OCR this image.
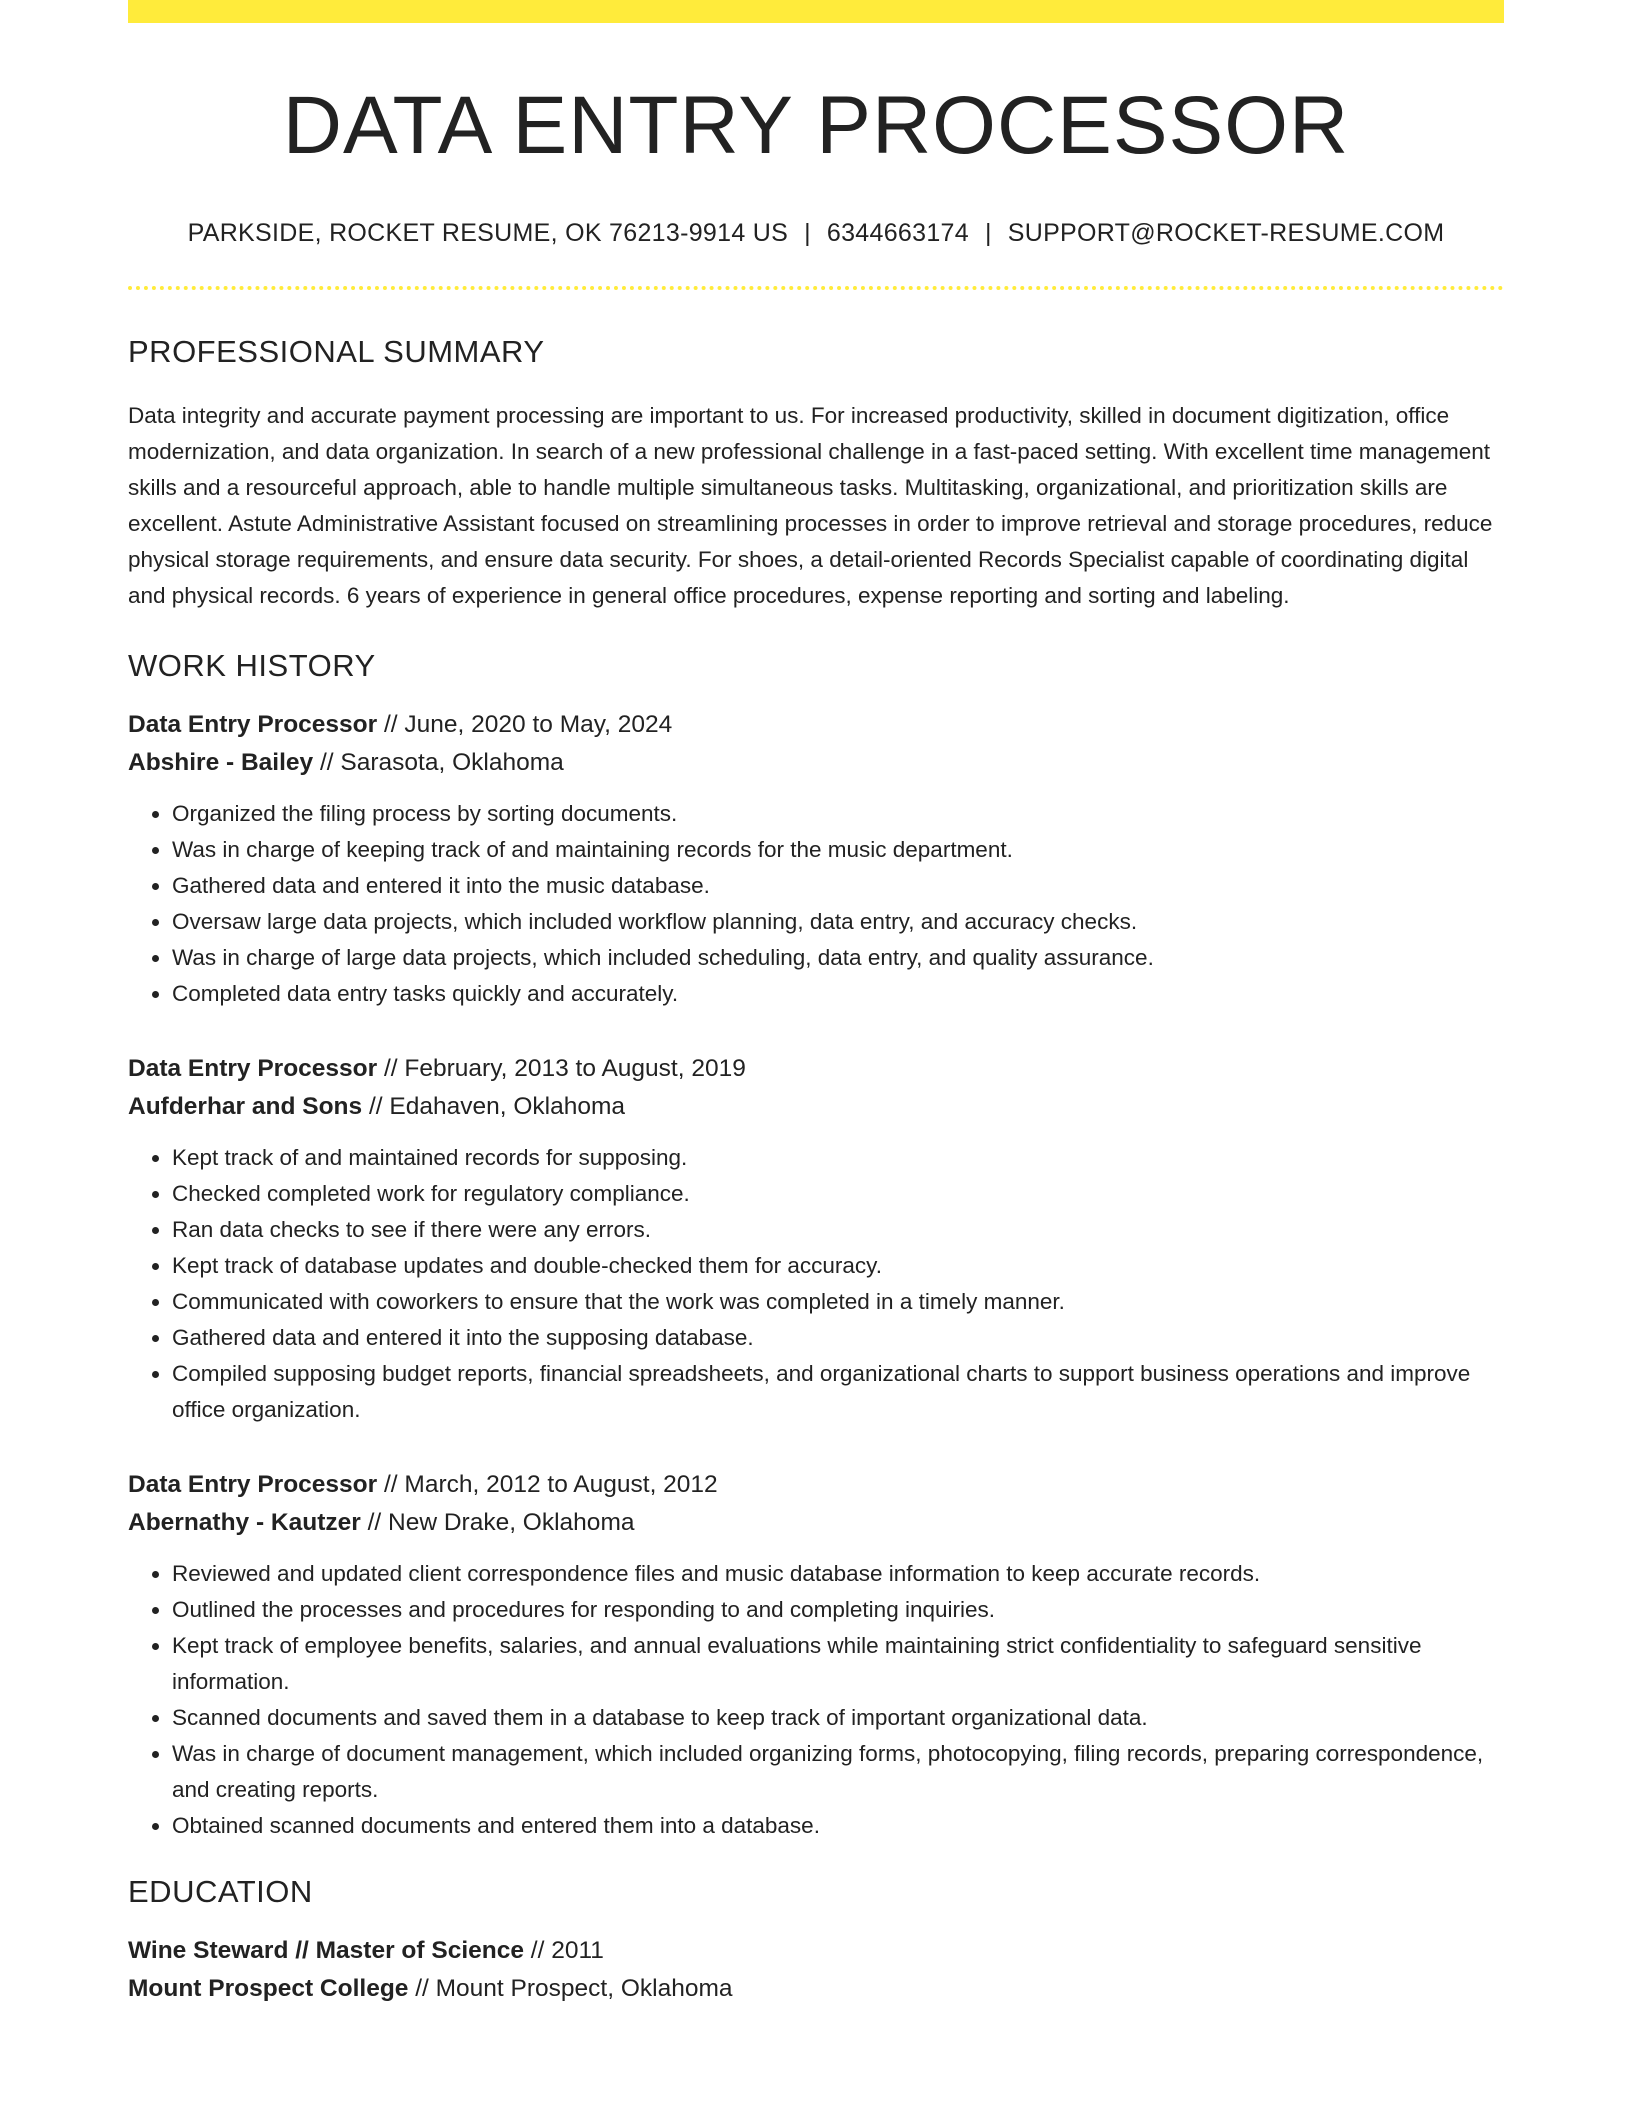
DATA ENTRY PROCESSOR
PARKSIDE, ROCKET RESUME, OK 76213-9914 US | 6344663174 | SUPPORT@ROCKET-RESUME.COM
PROFESSIONAL SUMMARY

Data integrity and accurate payment processing are important to us. For increased productivity, skilled in document digitization, office modernization, and data organization. In search of a new professional challenge in a fast-paced setting. With excellent time management skills and a resourceful approach, able to handle multiple simultaneous tasks. Multitasking, organizational, and prioritization skills are excellent. Astute Administrative Assistant focused on streamlining processes in order to improve retrieval and storage procedures, reduce physical storage requirements, and ensure data security. For shoes, a detail-oriented Records Specialist capable of coordinating digital and physical records. 6 years of experience in general office procedures, expense reporting and sorting and labeling.

WORK HISTORY
Data Entry Processor // June, 2020 to May, 2024
Abshire - Bailey // Sarasota, Oklahoma
• Organized the filing process by sorting documents.
• Was in charge of keeping track of and maintaining records for the music department.
• Gathered data and entered it into the music database.
• Oversaw large data projects, which included workflow planning, data entry, and accuracy checks.
• Was in charge of large data projects, which included scheduling, data entry, and quality assurance.
• Completed data entry tasks quickly and accurately.
Data Entry Processor // February, 2013 to August, 2019
Aufderhar and Sons // Edahaven, Oklahoma
• Kept track of and maintained records for supposing.
• Checked completed work for regulatory compliance.
• Ran data checks to see if there were any errors.
• Kept track of database updates and double-checked them for accuracy.
• Communicated with coworkers to ensure that the work was completed in a timely manner.
• Gathered data and entered it into the supposing database.
• Compiled supposing budget reports, financial spreadsheets, and organizational charts to support business operations and improve office organization.
Data Entry Processor // March, 2012 to August, 2012
Abernathy - Kautzer // New Drake, Oklahoma
• Reviewed and updated client correspondence files and music database information to keep accurate records.
• Outlined the processes and procedures for responding to and completing inquiries.
• Kept track of employee benefits, salaries, and annual evaluations while maintaining strict confidentiality to safeguard sensitive information.
• Scanned documents and saved them in a database to keep track of important organizational data.
• Was in charge of document management, which included organizing forms, photocopying, filing records, preparing correspondence, and creating reports.
• Obtained scanned documents and entered them into a database.
EDUCATION
Wine Steward // Master of Science // 2011
Mount Prospect College // Mount Prospect, Oklahoma
